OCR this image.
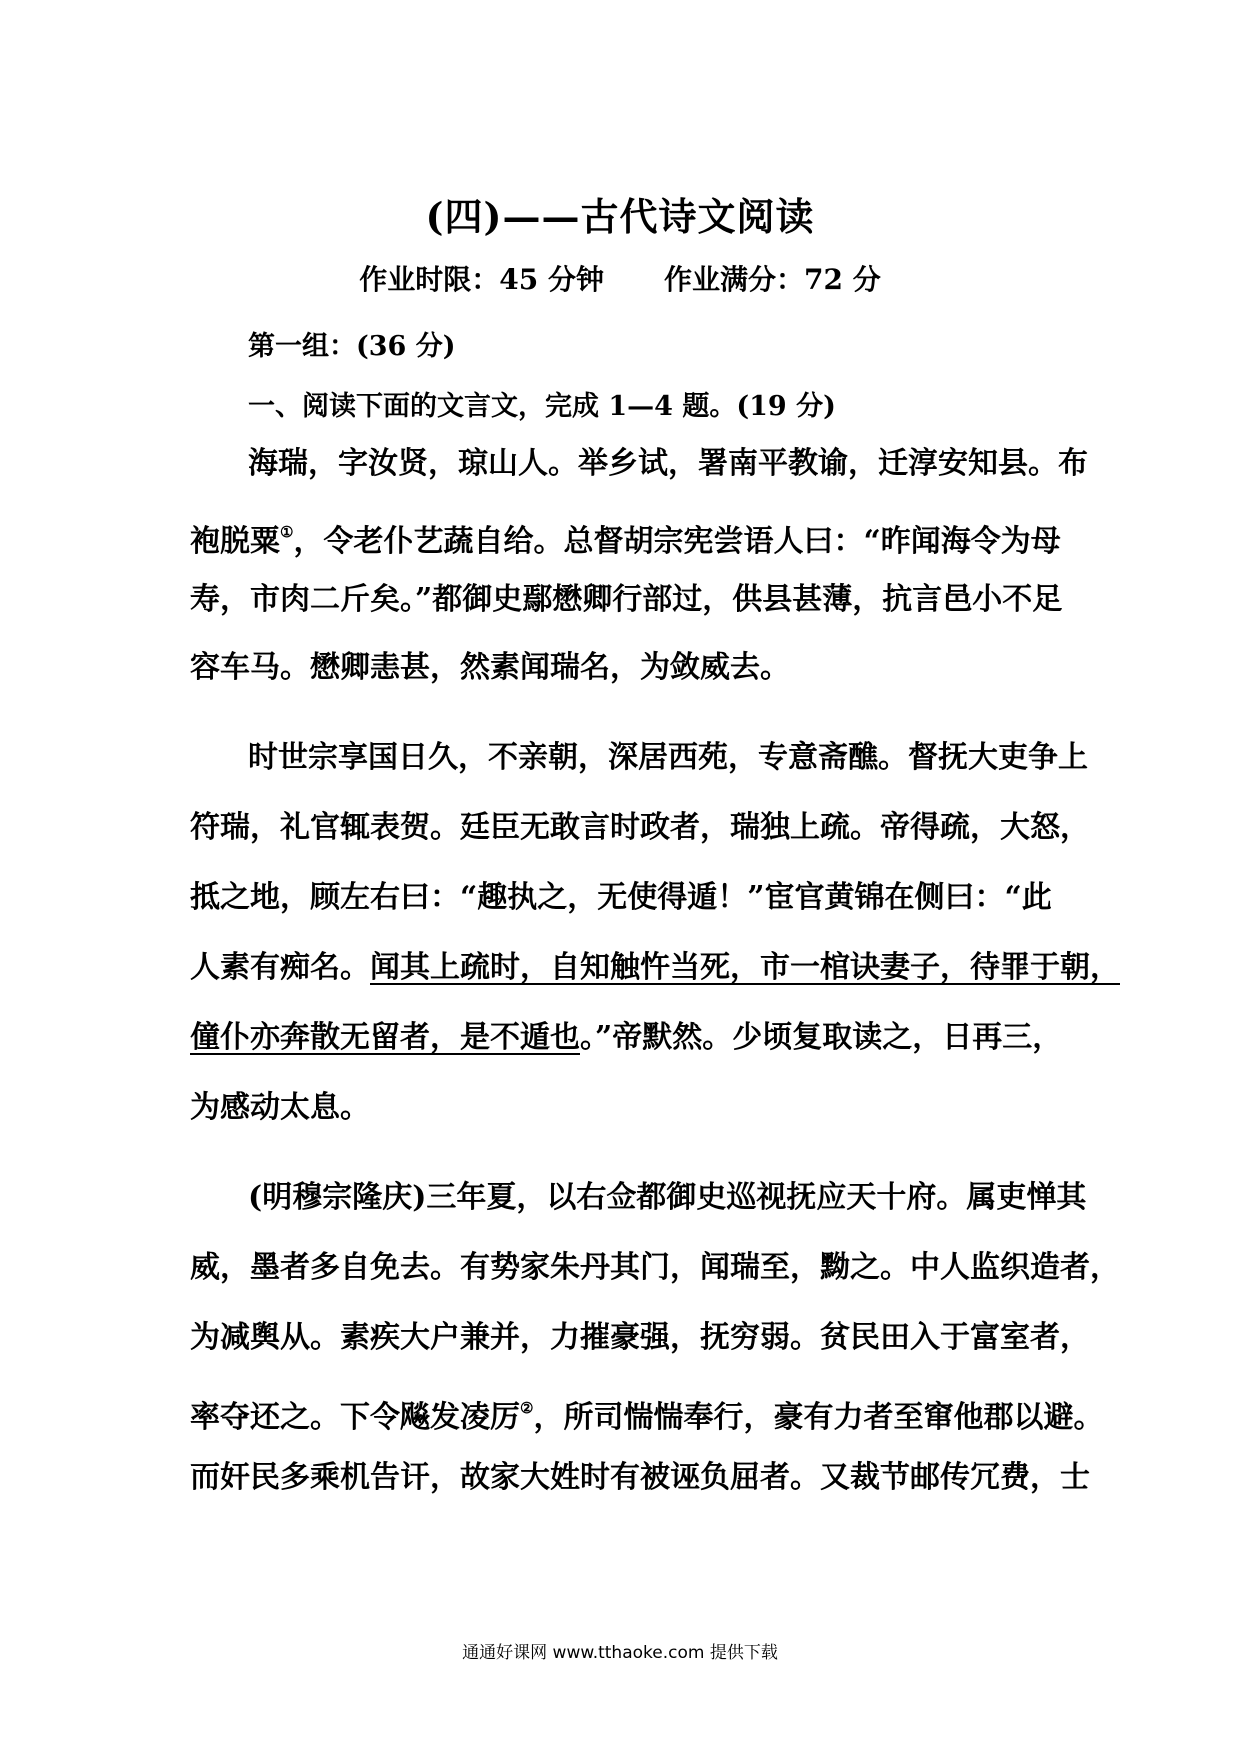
(四)——古代诗文阅读
作业时限：45 分钟 作业满分：72 分
第一组：(36 分)
一、阅读下面的文言文，完成 1—4 题。(19 分)
海瑞，字汝贤，琼山人。举乡试，署南平教谕，迁淳安知县。布
袍脱粟①，令老仆艺蔬自给。总督胡宗宪尝语人曰：“昨闻海令为母
寿，市肉二斤矣。”都御史鄢懋卿行部过，供县甚薄，抗言邑小不足
容车马。懋卿恚甚，然素闻瑞名，为敛威去。
时世宗享国日久，不亲朝，深居西苑，专意斋醮。督抚大吏争上
符瑞，礼官辄表贺。廷臣无敢言时政者，瑞独上疏。帝得疏，大怒，
抵之地，顾左右曰：“趣执之，无使得遁！”宦官黄锦在侧曰：“此
人素有痴名。闻其上疏时，自知触忤当死，市一棺诀妻子，待罪于朝，
僮仆亦奔散无留者，是不遁也。”帝默然。少顷复取读之，日再三，
为感动太息。
(明穆宗隆庆)三年夏，以右佥都御史巡视抚应天十府。属吏惮其
威，墨者多自免去。有势家朱丹其门，闻瑞至，黝之。中人监织造者，
为减舆从。素疾大户兼并，力摧豪强，抚穷弱。贫民田入于富室者，
率夺还之。下令飚发凌厉②，所司惴惴奉行，豪有力者至窜他郡以避。
而奸民多乘机告讦，故家大姓时有被诬负屈者。又裁节邮传冗费，士
通通好课网 www.tthaoke.com 提供下载
